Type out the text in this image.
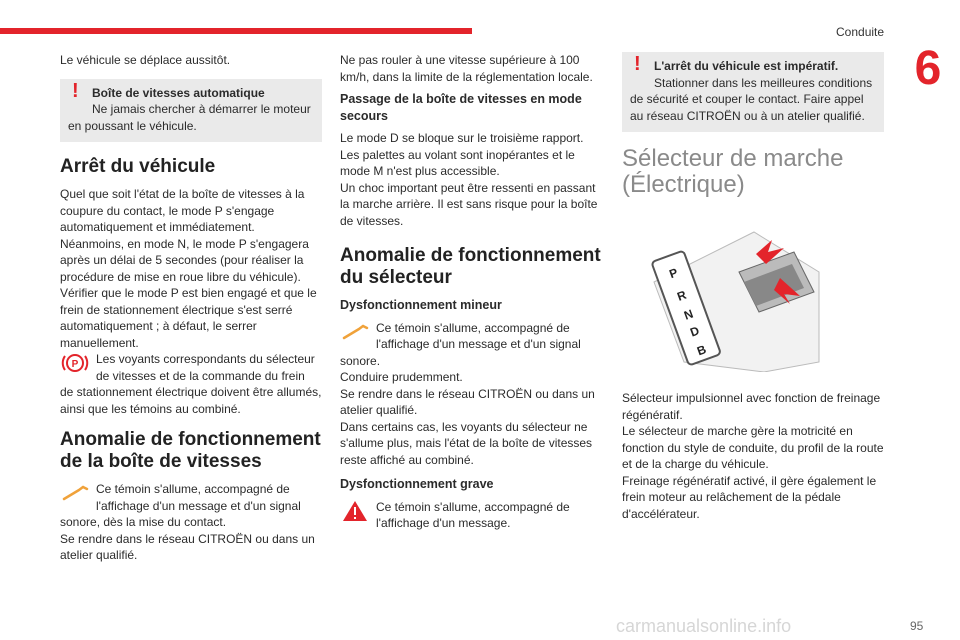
Conduite
6

Le véhicule se déplace aussitôt.

! Boîte de vitesses automatique
Ne jamais chercher à démarrer le moteur
en poussant le véhicule.
Arrêt du véhicule

Quel que soit l'état de la boîte de vitesses à la coupure du contact, le mode P s'engage automatiquement et immédiatement.

Néanmoins, en mode N, le mode P s'engagera après un délai de 5 secondes (pour réaliser la procédure de mise en roue libre du véhicule).

Vérifier que le mode P est bien engagé et que le frein de stationnement électrique s'est serré automatiquement ; à défaut, le serrer manuellement.

P Les voyants correspondants du sélecteur de vitesses et de la commande du frein

de stationnement électrique doivent être allumés, ainsi que les témoins au combiné.

Anomalie de fonctionnement de la boîte de vitesses

Ce témoin s'allume, accompagné de l'affichage d'un message et d'un signal

sonore, dès la mise du contact.

Se rendre dans le réseau CITROËN ou dans un atelier qualifié.

Ne pas rouler à une vitesse supérieure à 100 km/h, dans la limite de la réglementation locale.

Passage de la boîte de vitesses en mode secours

Le mode D se bloque sur le troisième rapport.

Les palettes au volant sont inopérantes et le mode M n'est plus accessible.

Un choc important peut être ressenti en passant la marche arrière. Il est sans risque pour la boîte de vitesses.

Anomalie de fonctionnement du sélecteur
Dysfonctionnement mineur

Ce témoin s'allume, accompagné de l'affichage d'un message et d'un signal

sonore.

Conduire prudemment.

Se rendre dans le réseau CITROËN ou dans un atelier qualifié.

Dans certains cas, les voyants du sélecteur ne s'allume plus, mais l'état de la boîte de vitesses reste affiché au combiné.

Dysfonctionnement grave

Ce témoin s'allume, accompagné de l'affichage d'un message.

! L'arrêt du véhicule est impératif.
Stationner dans les meilleures conditions
de sécurité et couper le contact. Faire appel au réseau CITROËN ou à un atelier qualifié.
Sélecteur de marche (Électrique)
P
R
N
D
B

Sélecteur impulsionnel avec fonction de freinage régénératif.

Le sélecteur de marche gère la motricité en fonction du style de conduite, du profil de la route et de la charge du véhicule.

Freinage régénératif activé, il gère également le frein moteur au relâchement de la pédale d'accélérateur.

carmanualsonline.info	95
